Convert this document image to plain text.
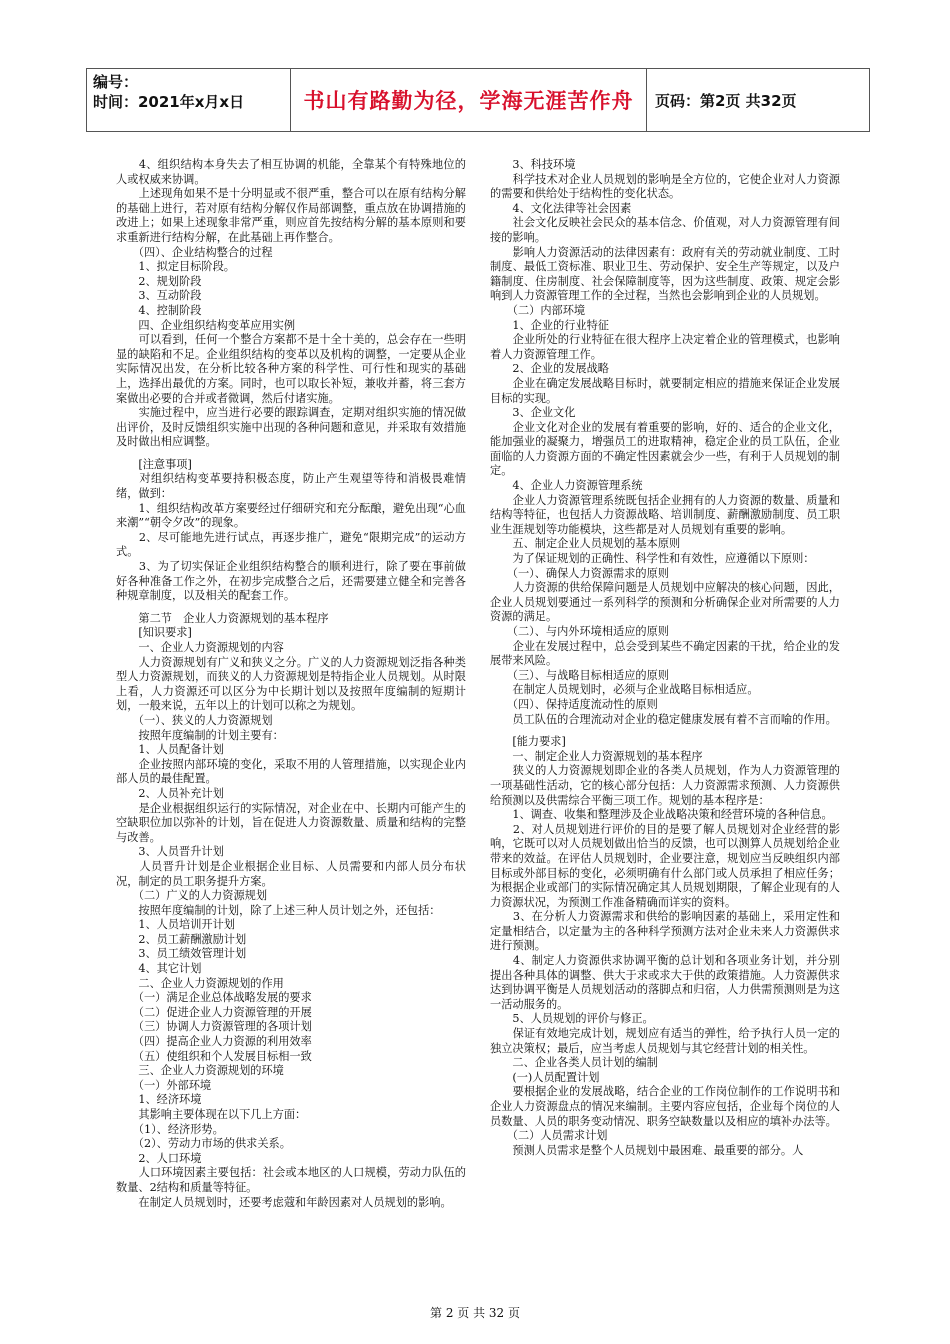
编号：
时间：2021年x月x日	书山有路勤为径，学海无涯苦作舟	页码：第2页 共32页

　　4、组织结构本身失去了相互协调的机能，全靠某个有特殊地位的人或权威来协调。

　　上述现角如果不是十分明显或不很严重，整合可以在原有结构分解的基础上进行，若对原有结构分解仅作局部调整，重点放在协调措施的改进上；如果上述现象非常严重，则应首先按结构分解的基本原则和要求重新进行结构分解，在此基础上再作整合。

　　（四）、企业结构整合的过程

　　1、拟定目标阶段。

　　2、规划阶段

　　3、互动阶段

　　4、控制阶段

　　四、企业组织结构变革应用实例

　　可以看到，任何一个整合方案都不是十全十美的，总会存在一些明显的缺陷和不足。企业组织结构的变革以及机构的调整，一定要从企业实际情况出发，在分析比较各种方案的科学性、可行性和现实的基础上，选择出最优的方案。同时，也可以取长补短，兼收并蓄，将三套方案做出必要的合并或者微调，然后付诸实施。

　　实施过程中，应当进行必要的跟踪调查，定期对组织实施的情况做出评价，及时反馈组织实施中出现的各种问题和意见，并采取有效措施及时做出相应调整。

　　[注意事项]

　　对组织结构变革要持积极态度，防止产生观望等待和消极畏难情绪，做到：

　　1、组织结构改革方案要经过仔细研究和充分酝酿，避免出现“心血来潮”“朝令夕改”的现象。

　　2、尽可能地先进行试点，再逐步推广，避免“限期完成”的运动方式。

　　3、为了切实保证企业组织结构整合的顺利进行，除了要在事前做好各种准备工作之外，在初步完成整合之后，还需要建立健全和完善各种规章制度，以及相关的配套工作。

　　第二节　企业人力资源规划的基本程序

　　[知识要求]

　　一、企业人力资源规划的内容

　　人力资源规划有广义和狭义之分。广义的人力资源规划泛指各种类型人力资源规划，而狭义的人力资源规划是特指企业人员规划。从时限上看，人力资源还可以区分为中长期计划以及按照年度编制的短期计划，一般来说，五年以上的计划可以称之为规划。

　　（一）、狭义的人力资源规划

　　按照年度编制的计划主要有：

　　1、人员配备计划

　　企业按照内部环境的变化，采取不用的人管理措施，以实现企业内部人员的最佳配置。

　　2、人员补充计划

　　是企业根据组织运行的实际情况，对企业在中、长期内可能产生的空缺职位加以弥补的计划，旨在促进人力资源数量、质量和结构的完整与改善。

　　3、人员晋升计划

　　人员晋升计划是企业根据企业目标、人员需要和内部人员分布状况，制定的员工职务提升方案。

　　（二）广义的人力资源规划

　　按照年度编制的计划，除了上述三种人员计划之外，还包括：

　　1、人员培训开计划

　　2、员工薪酬激励计划

　　3、员工绩效管理计划

　　4、其它计划

　　二、企业人力资源规划的作用

　　（一）满足企业总体战略发展的要求

　　（二）促进企业人力资源管理的开展

　　（三）协调人力资源管理的各项计划

　　（四）提高企业人力资源的利用效率

　　（五）使组织和个人发展目标相一致

　　三、企业人力资源规划的环境

　　（一）外部环境

　　1、经济环境

　　其影响主要体现在以下几上方面：

　　（1）、经济形势。

　　（2）、劳动力市场的供求关系。

　　2、人口环境

　　人口环境因素主要包括：社会或本地区的人口规模，劳动力队伍的数量、2结构和质量等特征。

　　在制定人员规划时，还要考虑蔻和年龄因素对人员规划的影响。

　　3、科技环境

　　科学技术对企业人员规划的影响是全方位的，它使企业对人力资源的需要和供给处于结构性的变化状态。

　　4、文化法律等社会因素

　　社会文化反映社会民众的基本信念、价值观，对人力资源管理有间接的影响。

　　影响人力资源活动的法律因素有：政府有关的劳动就业制度、工时制度、最低工资标准、职业卫生、劳动保护、安全生产等规定，以及户籍制度、住房制度、社会保障制度等，因为这些制度、政策、规定会影响到人力资源管理工作的全过程，当然也会影响到企业的人员规划。

　　（二）内部环境

　　1、企业的行业特征

　　企业所处的行业特征在很大程序上决定着企业的管理模式，也影响着人力资源管理工作。

　　2、企业的发展战略

　　企业在确定发展战略目标时，就要制定相应的措施来保证企业发展目标的实现。

　　3、企业文化

　　企业文化对企业的发展有着重要的影响，好的、适合的企业文化，能加强业的凝聚力，增强员工的进取精神，稳定企业的员工队伍，企业面临的人力资源方面的不确定性因素就会少一些，有利于人员规划的制定。

　　4、企业人力资源管理系统

　　企业人力资源管理系统既包括企业拥有的人力资源的数量、质量和结构等特征，也包括人力资源战略、培训制度、薪酬激励制度、员工职业生涯规划等功能模块，这些都是对人员规划有重要的影响。

　　五、制定企业人员规划的基本原则

　　为了保证规划的正确性、科学性和有效性，应遵循以下原则：

　　（一）、确保人力资源需求的原则

　　人力资源的供给保障问题是人员规划中应解决的核心问题，因此，企业人员规划要通过一系列科学的预测和分析确保企业对所需要的人力资源的满足。

　　（二）、与内外环境相适应的原则

　　企业在发展过程中，总会受到某些不确定因素的干扰，给企业的发展带来风险。

　　（三）、与战略目标相适应的原则

　　在制定人员规划时，必须与企业战略目标相适应。

　　（四）、保持适度流动性的原则

　　员工队伍的合理流动对企业的稳定健康发展有着不言而喻的作用。

　　[能力要求]

　　一、制定企业人力资源规划的基本程序

　　狭义的人力资源规划即企业的各类人员规划，作为人力资源管理的一项基础性活动，它的核心部分包括：人力资源需求预测、人力资源供给预测以及供需综合平衡三项工作。规划的基本程序是：

　　1、调查、收集和整理涉及企业战略决策和经营环境的各种信息。

　　2、对人员规划进行评价的目的是要了解人员规划对企业经营的影响，它既可以对人员规划做出恰当的反馈，也可以测算人员规划给企业带来的效益。在评估人员规划时，企业要注意，规划应当反映组织内部目标或外部目标的变化，必须明确有什么部门或人员承担了相应任务；为根据企业或部门的实际情况确定其人员规划期限，了解企业现有的人力资源状况，为预测工作准备精确而详实的资料。

　　3、在分析人力资源需求和供给的影响因素的基础上，采用定性和定量相结合，以定量为主的各种科学预测方法对企业未来人力资源供求进行预测。

　　4、制定人力资源供求协调平衡的总计划和各项业务计划，并分别提出各种具体的调整、供大于求或求大于供的政策措施。人力资源供求达到协调平衡是人员规划活动的落脚点和归宿，人力供需预测则是为这一活动服务的。

　　5、人员规划的评价与修正。

　　保证有效地完成计划，规划应有适当的弹性，给予执行人员一定的独立决策权；最后，应当考虑人员规划与其它经营计划的相关性。

　　二、企业各类人员计划的编制

　　(一)人员配置计划

　　要根据企业的发展战略，结合企业的工作岗位制作的工作说明书和企业人力资源盘点的情况来编制。主要内容应包括，企业每个岗位的人员数量、人员的职务变动情况、职务空缺数量以及相应的填补办法等。

　　（二）人员需求计划

　　预测人员需求是整个人员规划中最困难、最重要的部分。人

第 2 页 共 32 页
